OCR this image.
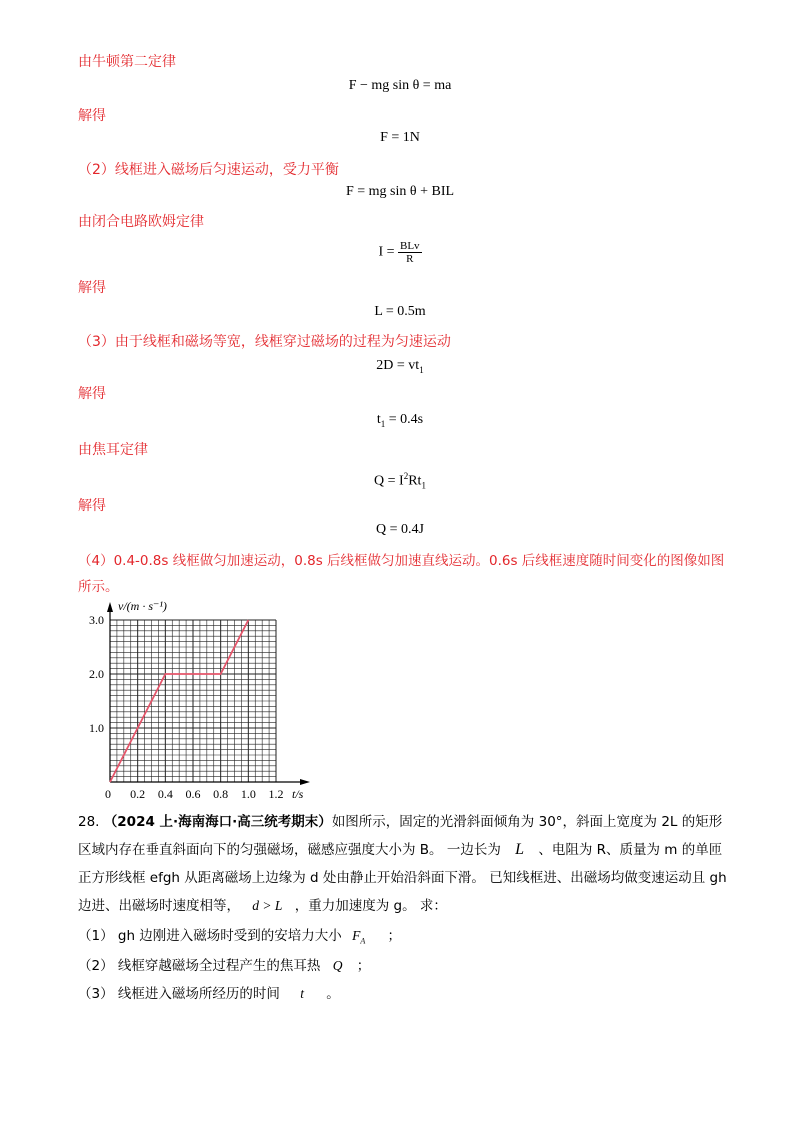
由牛顿第二定律
F − mg sin θ = ma
解得
F = 1N
（2）线框进入磁场后匀速运动，受力平衡
F = mg sin θ + BIL
由闭合电路欧姆定律
$I = \frac{\text{BLv}}{R}$
解得
L = 0.5m
（3）由于线框和磁场等宽，线框穿过磁场的过程为匀速运动
$2D = vt_1$
解得
$t_1 = 0.4s$
由焦耳定律
$Q = I^2Rt_1$
解得
Q = 0.4J
（4）0.4-0.8s 线框做匀加速运动，0.8s 后线框做匀加速直线运动。0.6s 后线框速度随时间变化的图像如图所示。
0.2 0.4 0.6 0.8 1.0 1.2
0
1.0
2.0
3.0
v/(m · s⁻¹)
t/s
28. （2024 上·海南海口·高三统考期末）如图所示，固定的光滑斜面倾角为 30°，斜面上宽度为 2L 的矩形区域内存在垂直斜面向下的匀强磁场，磁感应强度大小为 B。 一边长为 L 、电阻为 R、质量为 m 的单匝正方形线框 efgh 从距离磁场上边缘为 d 处由静止开始沿斜面下滑。 已知线框进、出磁场均做变速运动且 gh 边进、出磁场时速度相等， d > L ，重力加速度为 g。 求：
（1） gh 边刚进入磁场时受到的安培力大小 $F_A$ ；
（2） 线框穿越磁场全过程产生的焦耳热 Q ；
（3） 线框进入磁场所经历的时间 t 。
